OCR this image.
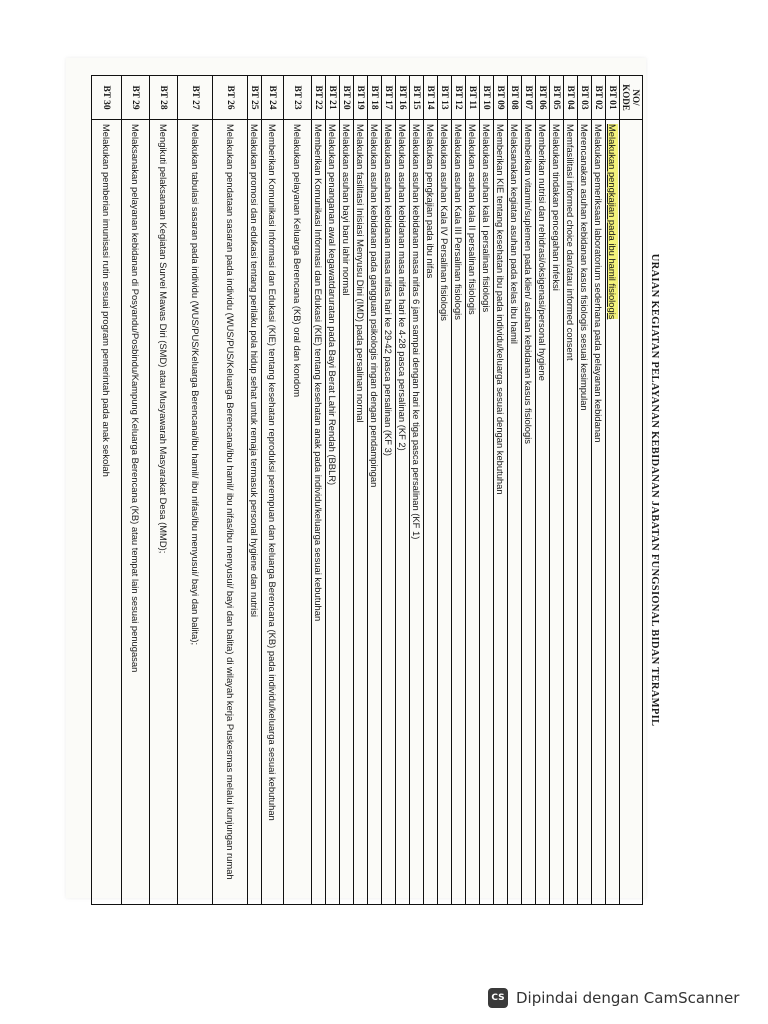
URAIAN KEGIATAN PELAYANAN KEBIDANAN JABATAN FUNGSIONAL BIDAN TERAMPIL
NO/
KODE	
BT 01	Melakukan pengkajian pada ibu hamil fisiologis
BT 02	Melakukan pemeriksaan laboratorium sederhana pada pelayanan kebidanan
BT 03	Merencanakan asuhan kebidanan kasus fisiologis sesuai kesimpulan
BT 04	Memfasilitasi informed choice dan/atau informed consent
BT 05	Melakukan tindakan pencegahan infeksi
BT 06	Memberikan nutrisi dan rehidrasi/oksigenasi/personal hygiene
BT 07	Memberikan vitamin/suplemen pada klien/ asuhan kebidanan kasus fisiologis
BT 08	Melaksanakan kegiatan asuhan pada kelas ibu hamil
BT 09	Memberikan KIE tentang kesehatan ibu pada individu/keluarga sesuai dengan kebutuhan
BT 10	Melakukan asuhan kala I persalinan fisiologis
BT 11	Melakukan asuhan kala II persalinan fisiologis
BT 12	Melakukan asuhan Kala III Persalinan fisiologis
BT 13	Melakukan asuhan Kala IV Persalinan fisiologis
BT 14	Melakukan pengkajian pada ibu nifas
BT 15	Melakukan asuhan kebidanan masa nifas 6 jam sampai dengan hari ke tiga pasca persalinan (KF 1)
BT 16	Melakukan asuhan kebidanan masa nifas hari ke 4-28 pasca persalinan (KF 2)
BT 17	Melakukan asuhan kebidanan masa nifas hari ke 29-42 pasca persalinan (KF 3)
BT 18	Melakukan asuhan kebidanan pada gangguan psikologis ringan dengan pendampingan
BT 19	Melakukan fasilitasi Inisiasi Menyusu Dini (IMD) pada persalinan normal
BT 20	Melakukan asuhan bayi baru lahir normal
BT 21	Melakukan penanganan awal kegawatdaruratan pada Bayi Berat Lahir Rendah (BBLR)
BT 22	Memberikan Komunikasi Informasi dan Edukasi (KIE) tentang kesehatan anak pada individu/keluarga sesuai kebutuhan
BT 23	Melakukan pelayanan Keluarga Berencana (KB) oral dan kondom
BT 24	Memberikan Komunikasi Informasi dan Edukasi (KIE) tentang kesehatan reproduksi perempuan dan keluarga Berencana (KB) pada individu/keluarga sesuai kebutuhan
BT 25	Melakukan promosi dan edukasi tentang perilaku pola hidup sehat untuk remaja termasuk personal hygiene dan nutrisi
BT 26	Melakukan pendataan sasaran pada individu (WUS/PUS/Keluarga Berencana/ibu hamil/ ibu nifas/ibu menyusui/ bayi dan balita) di wilayah kerja Puskesmas melalui kunjungan rumah
BT 27	Melakukan tabulasi sasaran pada individu (WUS/PUS/Keluarga Berencana/ibu hamil/ ibu nifas/ibu menyusui/ bayi dan balita);
BT 28	Mengikuti pelaksanaan Kegiatan Survei Mawas Diri (SMD) atau Musyawarah Masyarakat Desa (MMD);
BT 29	Melaksanakan pelayanan kebidanan di Posyandu/Posbindu/Kampung Keluarga Berencana (KB) atau tempat lain sesuai penugasan
BT 30	Melakukan pemberian imunisasi rutin sesuai program pemerintah pada anak sekolah
CS Dipindai dengan CamScanner
